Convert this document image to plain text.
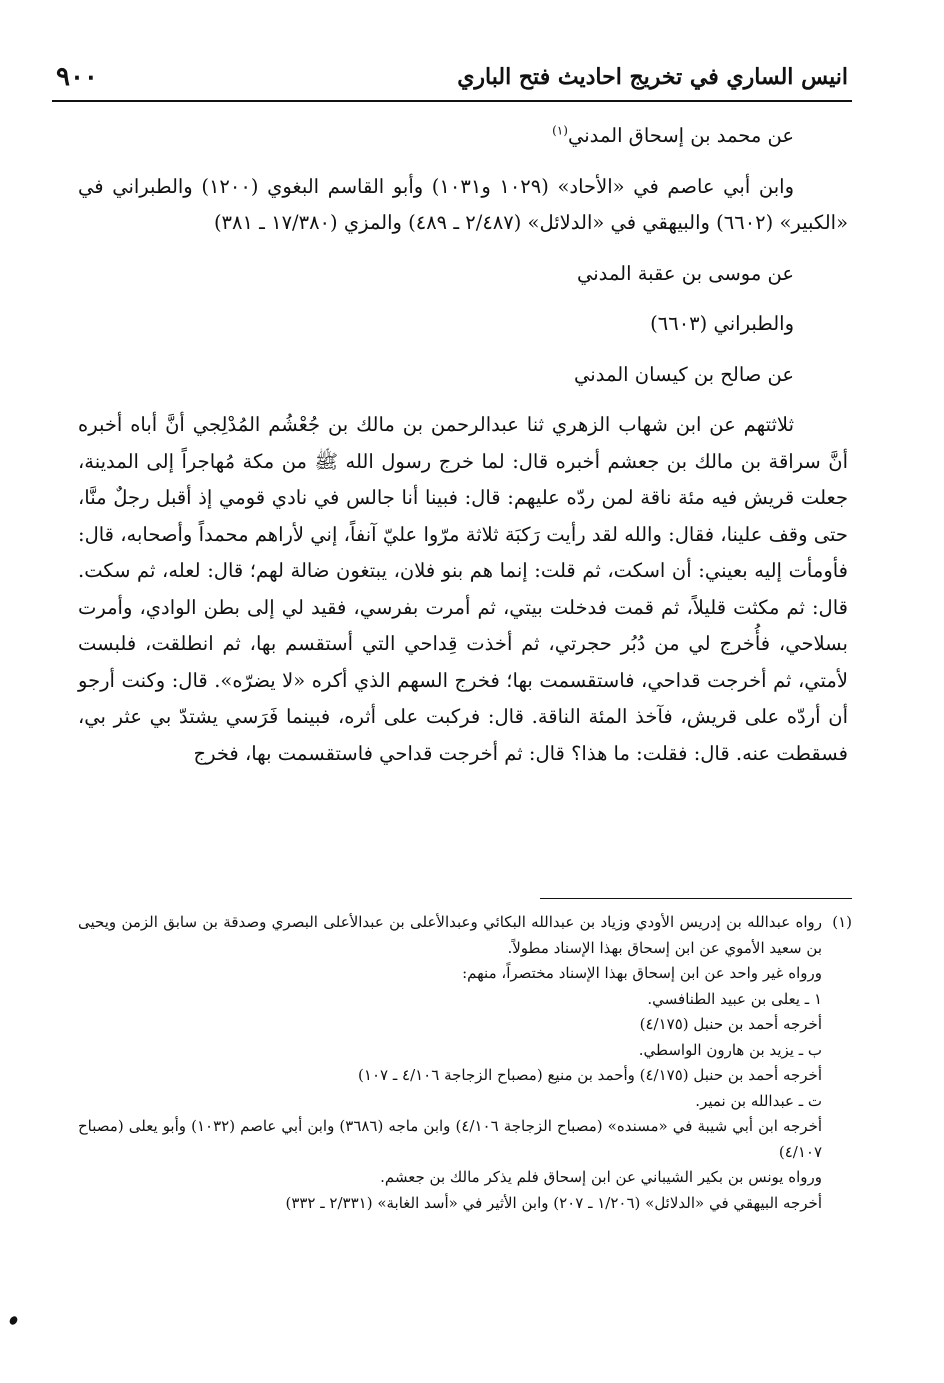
٩٠٠	انيس الساري في تخريج احاديث فتح الباري

عن محمد بن إسحاق المدني$^{(١)}$

وابن أبي عاصم في «الأحاد» (١٠٢٩ و١٠٣١) وأبو القاسم البغوي (١٢٠٠) والطبراني في «الكبير» (٦٦٠٢) والبيهقي في «الدلائل» (٢/٤٨٧ ـ ٤٨٩) والمزي (١٧/٣٨٠ ـ ٣٨١)

عن موسى بن عقبة المدني

والطبراني (٦٦٠٣)

عن صالح بن كيسان المدني

ثلاثتهم عن ابن شهاب الزهري ثنا عبدالرحمن بن مالك بن جُعْشُم المُدْلِجي أنَّ أباه أخبره أنَّ سراقة بن مالك بن جعشم أخبره قال: لما خرج رسول الله ﷺ من مكة مُهاجراً إلى المدينة، جعلت قريش فيه مئة ناقة لمن ردّه عليهم: قال: فبينا أنا جالس في نادي قومي إذ أقبل رجلٌ منَّا، حتى وقف علينا، فقال: والله لقد رأيت رَكبَة ثلاثة مرّوا عليّ آنفاً، إني لأراهم محمداً وأصحابه، قال: فأومأت إليه بعيني: أن اسكت، ثم قلت: إنما هم بنو فلان، يبتغون ضالة لهم؛ قال: لعله، ثم سكت. قال: ثم مكثت قليلاً، ثم قمت فدخلت بيتي، ثم أمرت بفرسي، فقيد لي إلى بطن الوادي، وأمرت بسلاحي، فأُخرج لي من دُبُر حجرتي، ثم أخذت قِداحي التي أستقسم بها، ثم انطلقت، فلبست لأمتي، ثم أخرجت قداحي، فاستقسمت بها؛ فخرج السهم الذي أكره «لا يضرّه». قال: وكنت أرجو أن أردّه على قريش، فآخذ المئة الناقة. قال: فركبت على أثره، فبينما فَرَسي يشتدّ بي عثر بي، فسقطت عنه. قال: فقلت: ما هذا؟ قال: ثم أخرجت قداحي فاستقسمت بها، فخرج

(١)

رواه عبدالله بن إدريس الأودي وزياد بن عبدالله البكائي وعبدالأعلى بن عبدالأعلى البصري وصدقة بن سابق الزمن ويحيى بن سعيد الأموي عن ابن إسحاق بهذا الإسناد مطولاً.

ورواه غير واحد عن ابن إسحاق بهذا الإسناد مختصراً، منهم:

١ ـ يعلى بن عبيد الطنافسي.

أخرجه أحمد بن حنبل (٤/١٧٥)

ب ـ يزيد بن هارون الواسطي.

أخرجه أحمد بن حنبل (٤/١٧٥) وأحمد بن منيع (مصباح الزجاجة ٤/١٠٦ ـ ١٠٧)

ت ـ عبدالله بن نمير.

أخرجه ابن أبي شيبة في «مسنده» (مصباح الزجاجة ٤/١٠٦) وابن ماجه (٣٦٨٦) وابن أبي عاصم (١٠٣٢) وأبو يعلى (مصباح ٤/١٠٧)

ورواه يونس بن بكير الشيباني عن ابن إسحاق فلم يذكر مالك بن جعشم.

أخرجه البيهقي في «الدلائل» (١/٢٠٦ ـ ٢٠٧) وابن الأثير في «أسد الغابة» (٢/٣٣١ ـ ٣٣٢)
